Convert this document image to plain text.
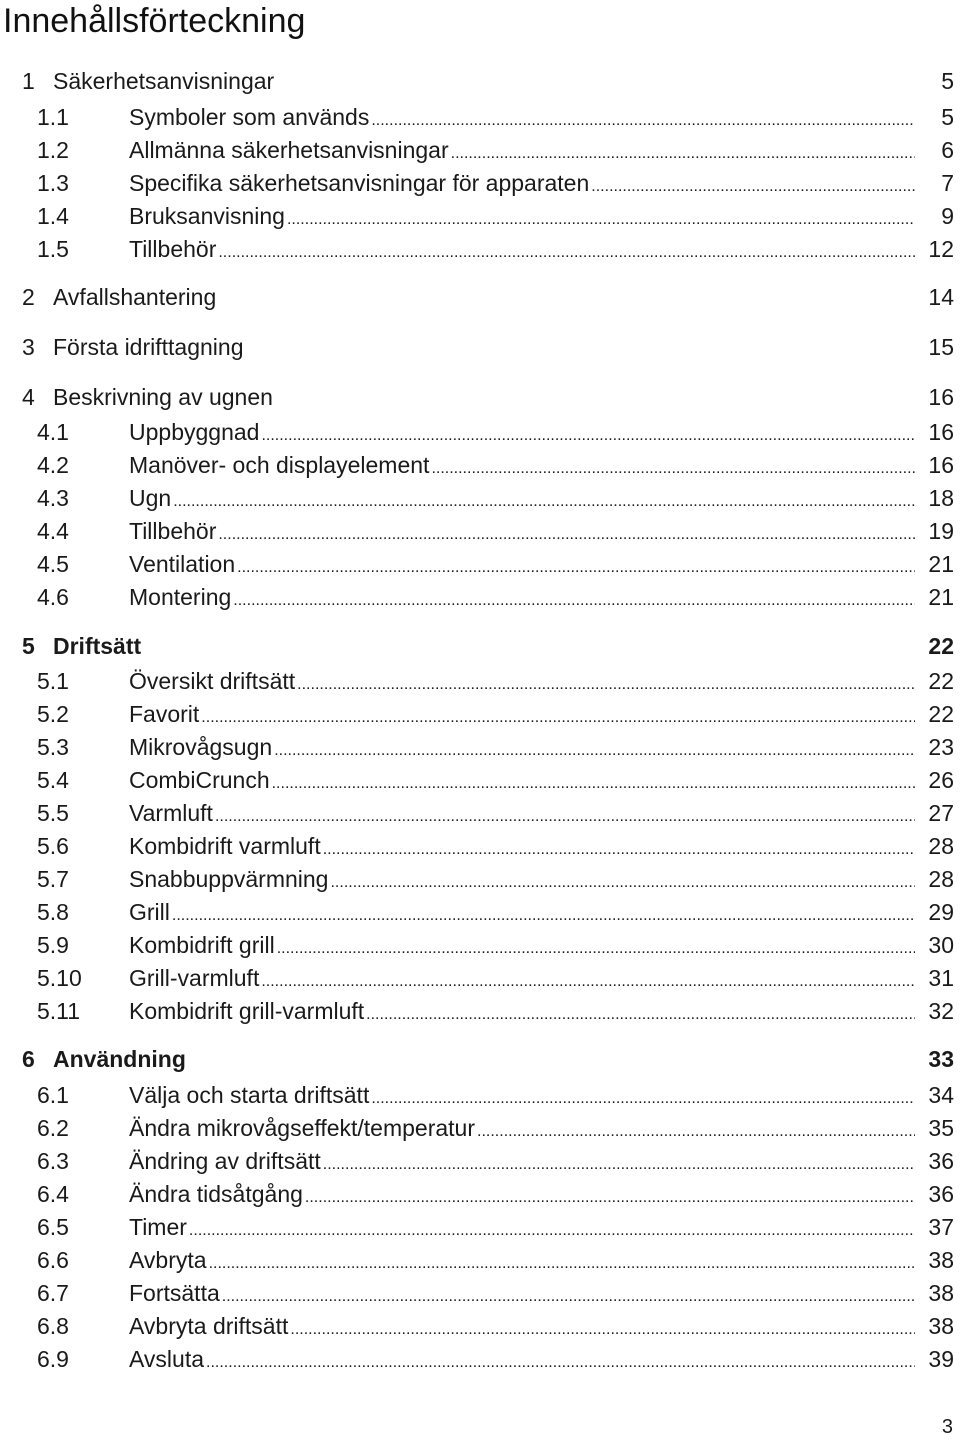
Innehållsförteckning
1 Säkerhetsanvisningar	5
1.1	Symboler som används .....	5
1.2	Allmänna säkerhetsanvisningar .....	6
1.3	Specifika säkerhetsanvisningar för apparaten .....	7
1.4	Bruksanvisning .....	9
1.5	Tillbehör .....	12
2 Avfallshantering	14
3 Första idrifttagning	15
4 Beskrivning av ugnen	16
4.1	Uppbyggnad .....	16
4.2	Manöver- och displayelement .....	16
4.3	Ugn .....	18
4.4	Tillbehör .....	19
4.5	Ventilation .....	21
4.6	Montering .....	21
5 Driftsätt	22
5.1	Översikt driftsätt .....	22
5.2	Favorit .....	22
5.3	Mikrovågsugn .....	23
5.4	CombiCrunch .....	26
5.5	Varmluft .....	27
5.6	Kombidrift varmluft .....	28
5.7	Snabbuppvärmning .....	28
5.8	Grill .....	29
5.9	Kombidrift grill .....	30
5.10 Grill-varmluft .....	31
5.11 Kombidrift grill-varmluft .....	32
6 Användning	33
6.1	Välja och starta driftsätt .....	34
6.2	Ändra mikrovågseffekt/temperatur .....	35
6.3	Ändring av driftsätt .....	36
6.4	Ändra tidsåtgång .....	36
6.5	Timer .....	37
6.6	Avbryta .....	38
6.7	Fortsätta .....	38
6.8	Avbryta driftsätt .....	38
6.9	Avsluta .....	39
3
